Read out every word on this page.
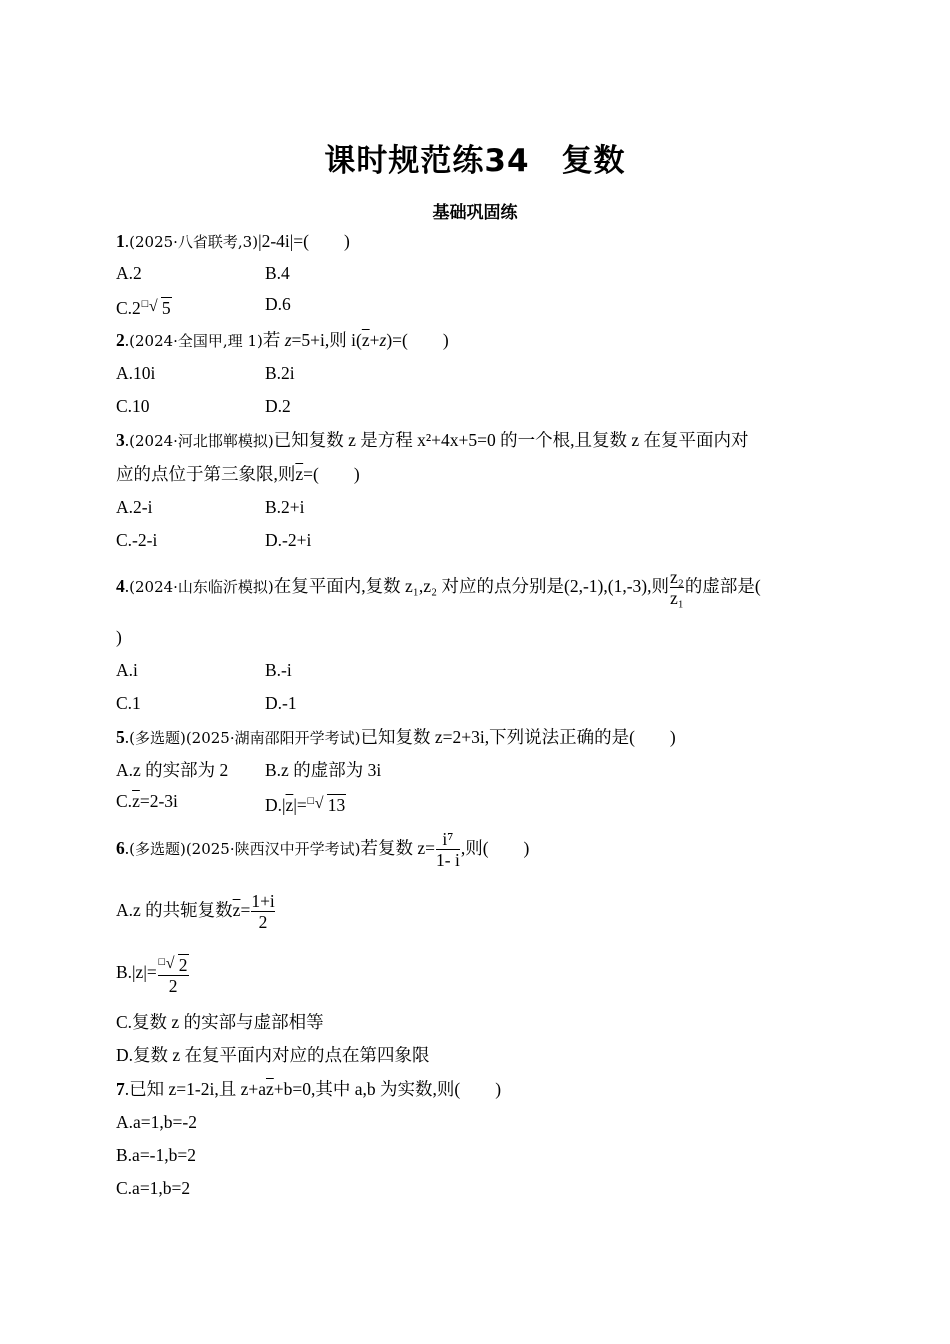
课时规范练34　复数
基础巩固练
1.(2025·八省联考,3)|2-4i|=(　　)
A.2	B.4
C.2☐ √ 5	D.6
2.(2024·全国甲,理 1)若 z=5+i,则 $i(\overline{z}+z)=$(　　)
A.10i	B.2i
C.10	D.2
3.(2024·河北邯郸模拟)已知复数 z 是方程 x²+4x+5=0 的一个根,且复数 z 在复平面内对
应的点位于第三象限,则$\overline{z}=$(　　)
A.2-i	B.2+i
C.-2-i	D.-2+i
4.(2024·山东临沂模拟)在复平面内,复数 z₁,z₂ 对应的点分别是(2,-1),(1,-3),则 $\frac{\text{z₂}}{\text{z₁}}$ 的虚部是(
)
A.i	B.-i
C.1	D.-1
5.(多选题)(2025·湖南邵阳开学考试)已知复数 z=2+3i,下列说法正确的是(　　)
A.z 的实部为 2 B.z 的虚部为 3i
$C.\overline{z}=2-3i$	$D.|\overline{z}|=^☐$ √ 13
6.(多选题)(2025·陕西汉中开学考试)若复数 $z= \frac{\text{i⁷}}{1- i}$ ,则(　　)
A.z 的共轭复数$\overline{z}= \frac{1+i}{2}$
$B.|z|= \frac{^☐ √ 2}{2}$
C.复数 z 的实部与虚部相等
D.复数 z 在复平面内对应的点在第四象限
7.已知 z=1-2i,且 $z+a\overline{z}+b=0$,其中 a,b 为实数,则(　　)
A.a=1,b=-2
B.a=-1,b=2
C.a=1,b=2
